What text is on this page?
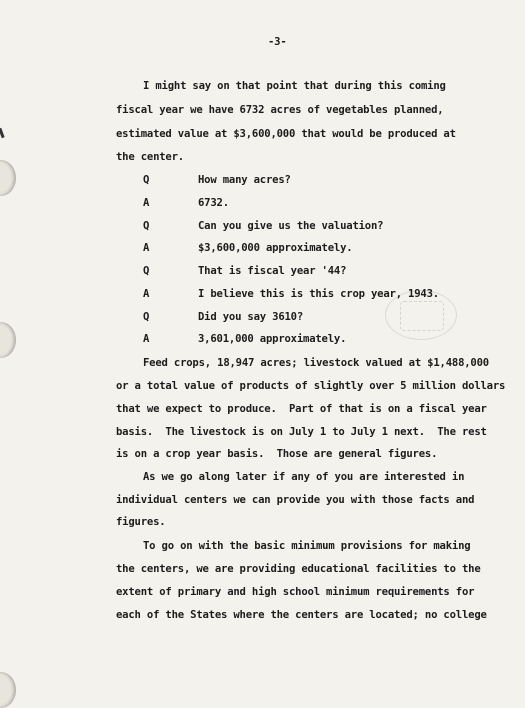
-3-
I might say on that point that during this coming
fiscal year we have 6732 acres of vegetables planned,
estimated value at $3,600,000 that would be produced at
the center.
Q	How many acres?
A	6732.
Q	Can you give us the valuation?
A	$3,600,000 approximately.
Q	That is fiscal year '44?
A	I believe this is this crop year, 1943.
Q	Did you say 3610?
A	3,601,000 approximately.
Feed crops, 18,947 acres; livestock valued at $1,488,000
or a total value of products of slightly over 5 million dollars
that we expect to produce.  Part of that is on a fiscal year
basis.  The livestock is on July 1 to July 1 next.  The rest
is on a crop year basis.  Those are general figures.
As we go along later if any of you are interested in
individual centers we can provide you with those facts and
figures.
To go on with the basic minimum provisions for making
the centers, we are providing educational facilities to the
extent of primary and high school minimum requirements for
each of the States where the centers are located; no college
